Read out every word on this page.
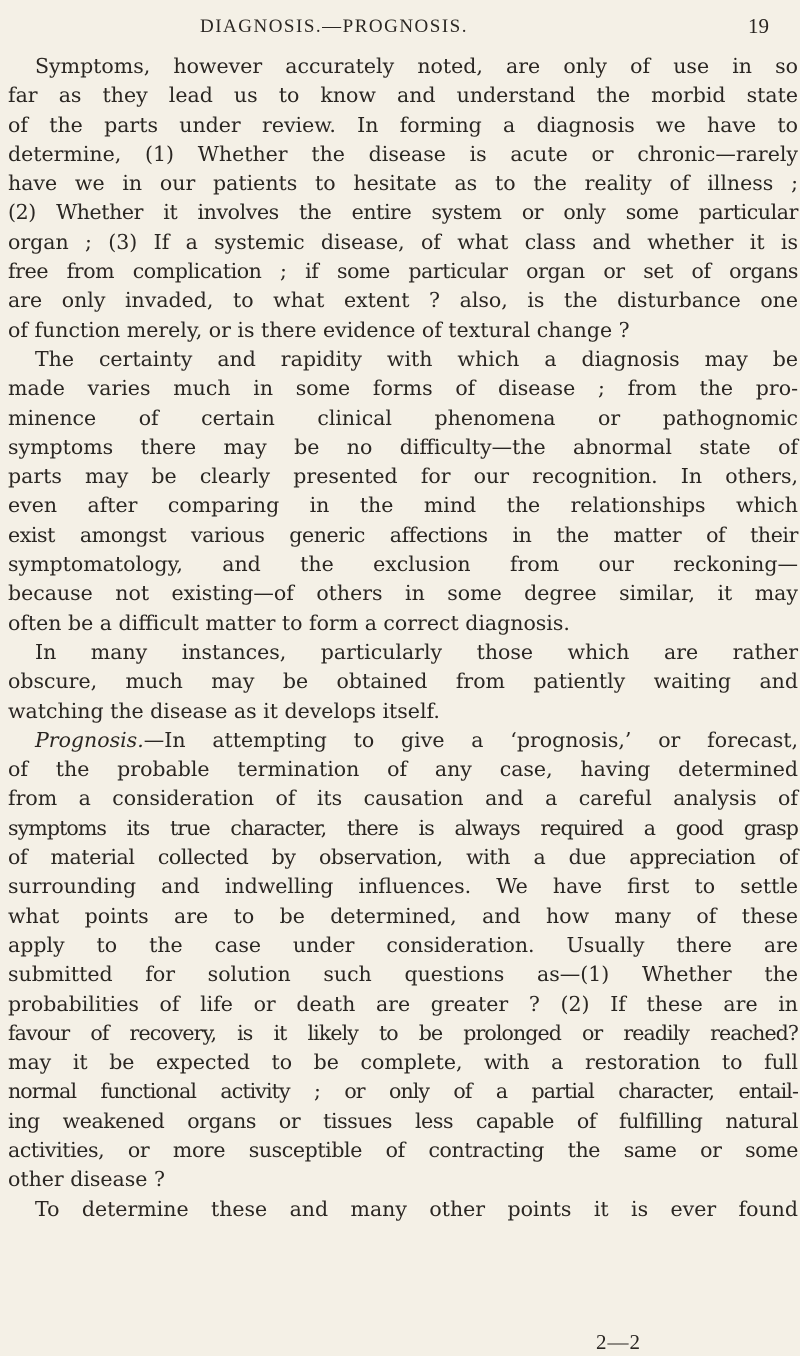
DIAGNOSIS.—PROGNOSIS.	19
Symptoms, however accurately noted, are only of use in so
far as they lead us to know and understand the morbid state
of the parts under review. In forming a diagnosis we have to
determine, (1) Whether the disease is acute or chronic—rarely
have we in our patients to hesitate as to the reality of illness ;
(2) Whether it involves the entire system or only some particular
organ ; (3) If a systemic disease, of what class and whether it is
free from complication ; if some particular organ or set of organs
are only invaded, to what extent ? also, is the disturbance one
of function merely, or is there evidence of textural change ?
The certainty and rapidity with which a diagnosis may be
made varies much in some forms of disease ; from the pro-
minence of certain clinical phenomena or pathognomic
symptoms there may be no difficulty—the abnormal state of
parts may be clearly presented for our recognition. In others,
even after comparing in the mind the relationships which
exist amongst various generic affections in the matter of their
symptomatology, and the exclusion from our reckoning—
because not existing—of others in some degree similar, it may
often be a difficult matter to form a correct diagnosis.
In many instances, particularly those which are rather
obscure, much may be obtained from patiently waiting and
watching the disease as it develops itself.
Prognosis.—In attempting to give a ‘prognosis,’ or forecast,
of the probable termination of any case, having determined
from a consideration of its causation and a careful analysis of
symptoms its true character, there is always required a good grasp
of material collected by observation, with a due appreciation of
surrounding and indwelling influences. We have first to settle
what points are to be determined, and how many of these
apply to the case under consideration. Usually there are
submitted for solution such questions as—(1) Whether the
probabilities of life or death are greater ? (2) If these are in
favour of recovery, is it likely to be prolonged or readily reached?
may it be expected to be complete, with a restoration to full
normal functional activity ; or only of a partial character, entail-
ing weakened organs or tissues less capable of fulfilling natural
activities, or more susceptible of contracting the same or some
other disease ?
To determine these and many other points it is ever found
2—2
